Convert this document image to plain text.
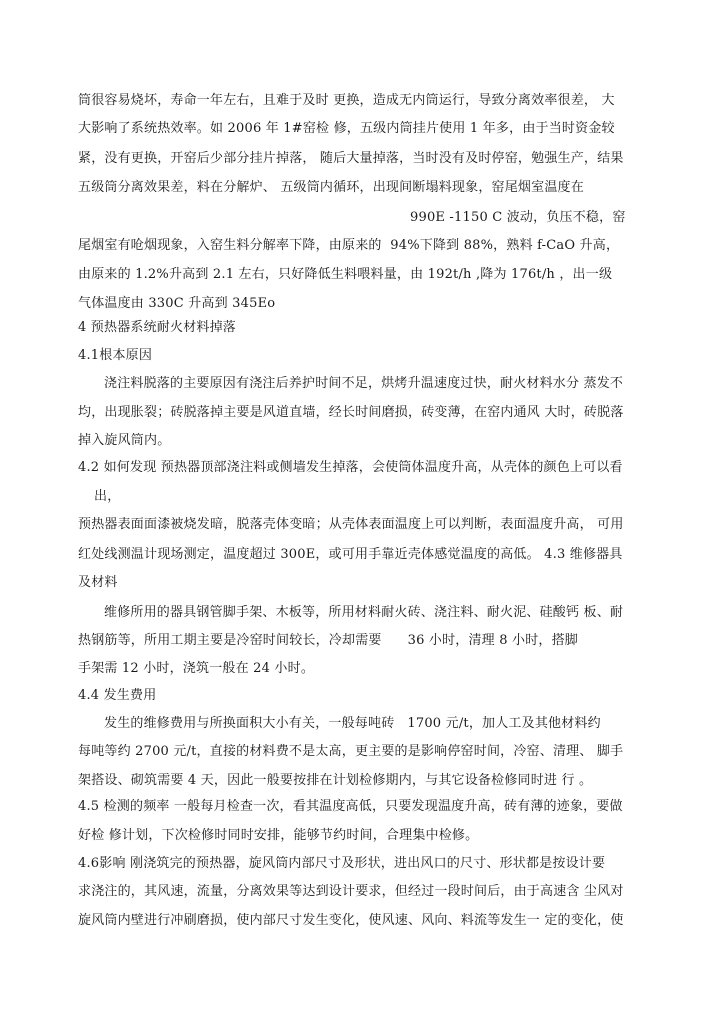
筒很容易烧坏，寿命一年左右，且难于及时 更换，造成无内筒运行，导致分离效率很差， 大
大影响了系统热效率。如 2006 年 1#窑检 修，五级内筒挂片使用 1 年多，由于当时资金较
紧，没有更换，开窑后少部分挂片掉落， 随后大量掉落，当时没有及时停窑，勉强生产，结果
五级筒分离效果差，料在分解炉、 五级筒内循环，出现间断塌料现象，窑尾烟室温度在
990E -1150 C 波动，负压不稳，窑
尾烟室有呛烟现象，入窑生料分解率下降，由原来的  94%下降到 88%，熟料 f-CaO 升高，
由原来的 1.2%升高到 2.1 左右，只好降低生料喂料量，由 192t/h ,降为 176t/h ，出一级
气体温度由 330C 升高到 345Eo
4 预热器系统耐火材料掉落
4.1根本原因
浇注料脱落的主要原因有浇注后养护时间不足，烘烤升温速度过快，耐火材料水分 蒸发不
均，出现胀裂；砖脱落掉主要是风道直墙，经长时间磨损，砖变薄，在窑内通风 大时，砖脱落
掉入旋风筒内。
4.2 如何发现 预热器顶部浇注料或侧墙发生掉落，会使筒体温度升高，从壳体的颜色上可以看
出，
预热器表面面漆被烧发暗，脱落壳体变暗；从壳体表面温度上可以判断，表面温度升高， 可用
红处线测温计现场测定，温度超过 300E，或可用手靠近壳体感觉温度的高低。 4.3 维修器具
及材料
维修所用的器具钢管脚手架、木板等，所用材料耐火砖、浇注料、耐火泥、硅酸钙 板、耐
热钢筋等，所用工期主要是冷窑时间较长，冷却需要      36 小时，清理 8 小时，搭脚
手架需 12 小时，浇筑一般在 24 小时。
4.4 发生费用
发生的维修费用与所换面积大小有关，一般每吨砖   1700 元/t，加人工及其他材料约
每吨等约 2700 元/t，直接的材料费不是太高，更主要的是影响停窑时间，冷窑、清理、 脚手
架搭设、砌筑需要 4 天，因此一般要按排在计划检修期内，与其它设备检修同时进 行 。
4.5 检测的频率 一般每月检查一次，看其温度高低，只要发现温度升高，砖有薄的迹象，要做
好检 修计划，下次检修时同时安排，能够节约时间，合理集中检修。
4.6影响 刚浇筑完的预热器，旋风筒内部尺寸及形状，进出风口的尺寸、形状都是按设计要
求浇注的，其风速，流量，分离效果等达到设计要求，但经过一段时间后，由于高速含 尘风对
旋风筒内壁进行冲刷磨损，使内部尺寸发生变化，使风速、风向、料流等发生一 定的变化，使
